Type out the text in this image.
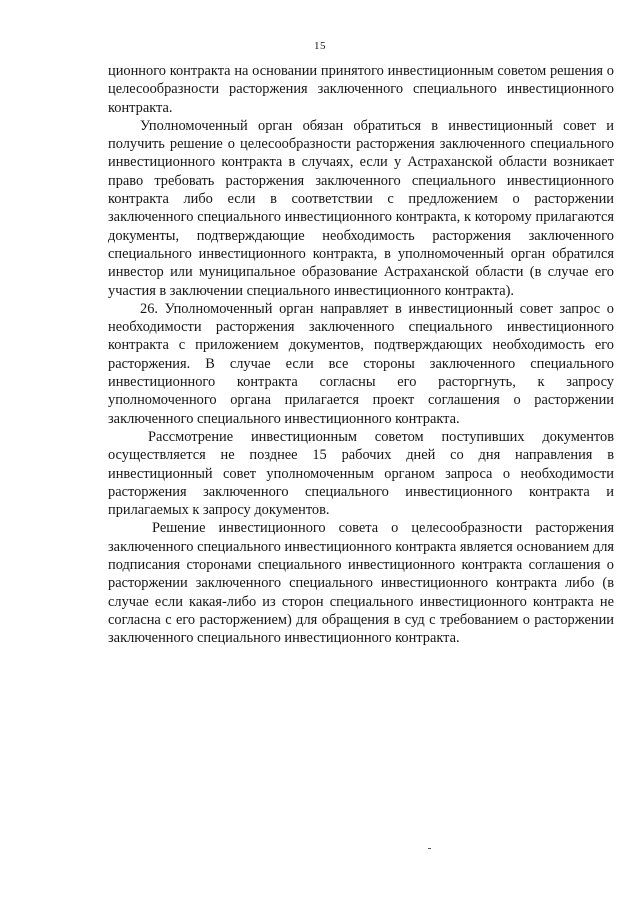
15

ционного контракта на основании принятого инвестиционным советом решения о целесообразности расторжения заключенного специального инвестиционного контракта.

Уполномоченный орган обязан обратиться в инвестиционный совет и получить решение о целесообразности расторжения заключенного специального инвестиционного контракта в случаях, если у Астраханской области возникает право требовать расторжения заключенного специального инвестиционного контракта либо если в соответствии с предложением о расторжении заключенного специального инвестиционного контракта, к которому прилагаются документы, подтверждающие необходимость расторжения заключенного специального инвестиционного контракта, в уполномоченный орган обратился инвестор или муниципальное образование Астраханской области (в случае его участия в заключении специального инвестиционного контракта).

26. Уполномоченный орган направляет в инвестиционный совет запрос о необходимости расторжения заключенного специального инвестиционного контракта с приложением документов, подтверждающих необходимость его расторжения. В случае если все стороны заключенного специального инвестиционного контракта согласны его расторгнуть, к запросу уполномоченного органа прилагается проект соглашения о расторжении заключенного специального инвестиционного контракта.

Рассмотрение инвестиционным советом поступивших документов осуществляется не позднее 15 рабочих дней со дня направления в инвестиционный совет уполномоченным органом запроса о необходимости расторжения заключенного специального инвестиционного контракта и прилагаемых к запросу документов.

Решение инвестиционного совета о целесообразности расторжения заключенного специального инвестиционного контракта является основанием для подписания сторонами специального инвестиционного контракта соглашения о расторжении заключенного специального инвестиционного контракта либо (в случае если какая-либо из сторон специального инвестиционного контракта не согласна с его расторжением) для обращения в суд с требованием о расторжении заключенного специального инвестиционного контракта.
